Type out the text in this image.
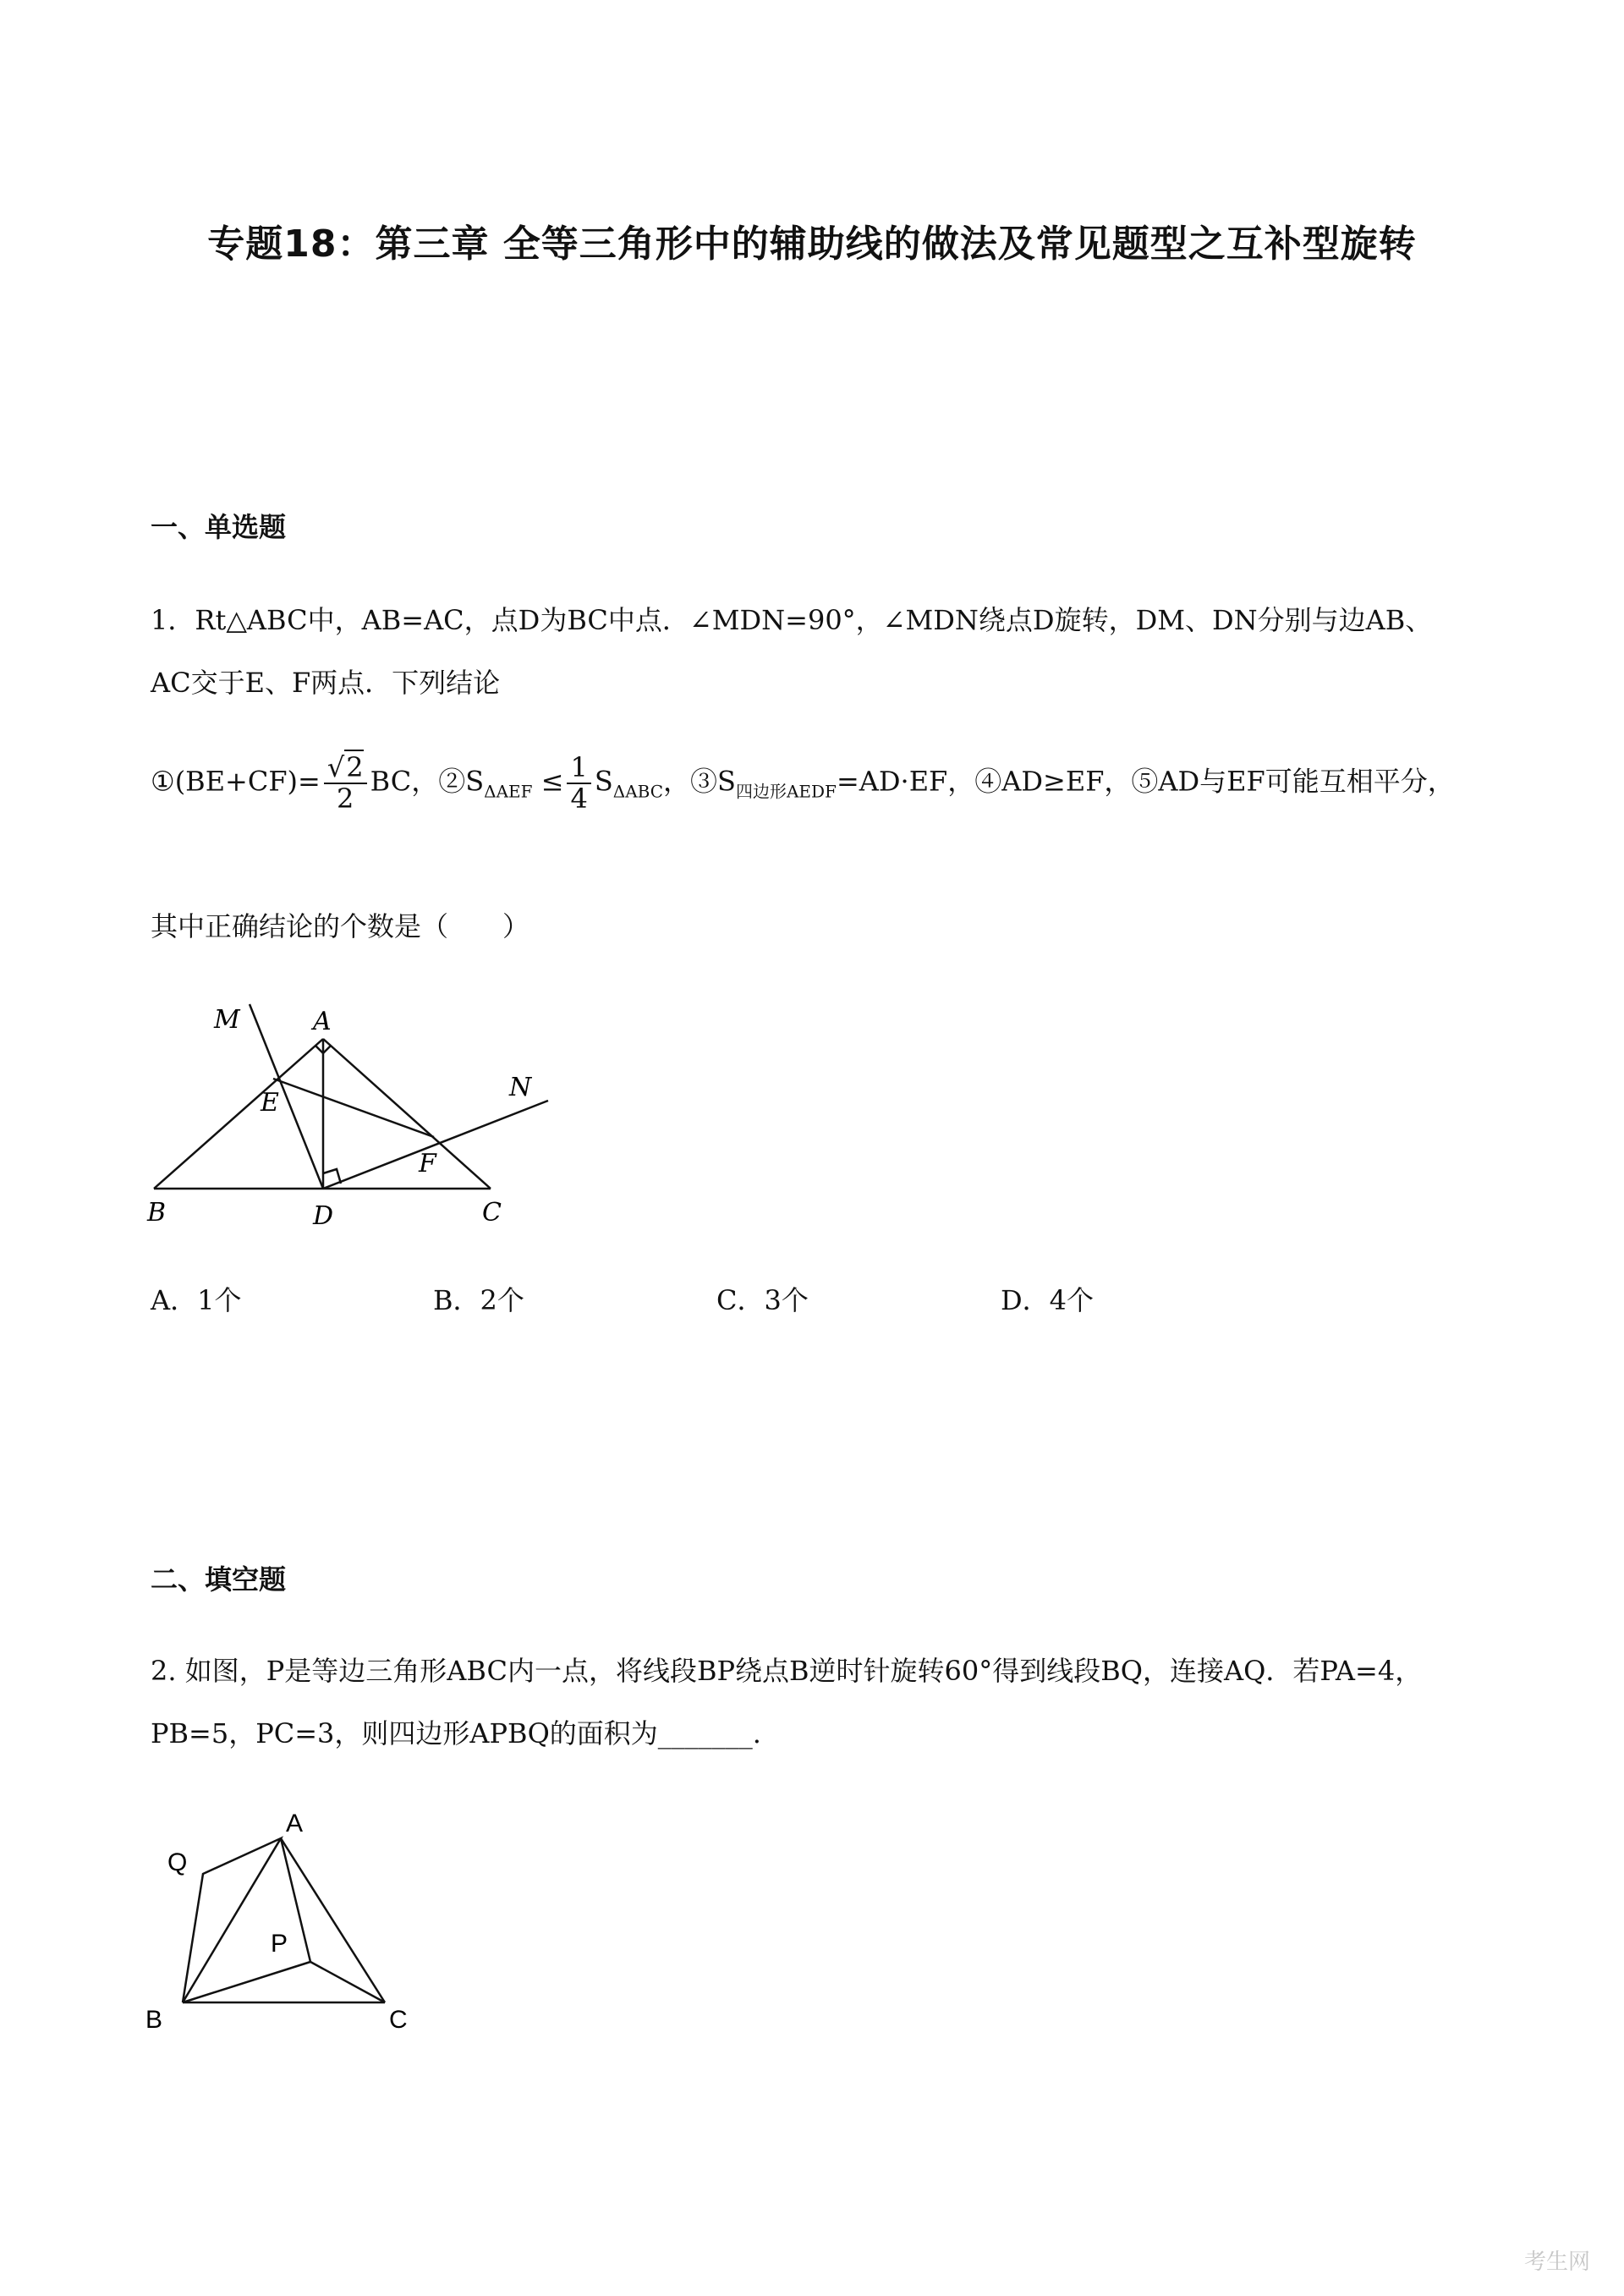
专题18：第三章 全等三角形中的辅助线的做法及常见题型之互补型旋转
一、单选题
1．Rt△ABC中，AB=AC，点D为BC中点．∠MDN=90°，∠MDN绕点D旋转，DM、DN分别与边AB、
AC交于E、F两点．下列结论
①(BE+CF)= $\frac{√2}{2}$ BC，$②S_{\Delta AEF} \le \frac{1}{4} S_{\Delta ABC}$，$③S_{四边形AEDF}=AD\cdot EF$，④AD≥EF，⑤AD与EF可能互相平分，
其中正确结论的个数是（　　）
M	A
N
E
F
B	D	C
A．1个	B．2个	C．3个	D．4个
二、填空题
2. 如图，P是等边三角形ABC内一点，将线段BP绕点B逆时针旋转60°得到线段BQ，连接AQ．若PA=4，
PB=5，PC=3，则四边形APBQ的面积为_______.
A
Q
P
B	C
考生网
